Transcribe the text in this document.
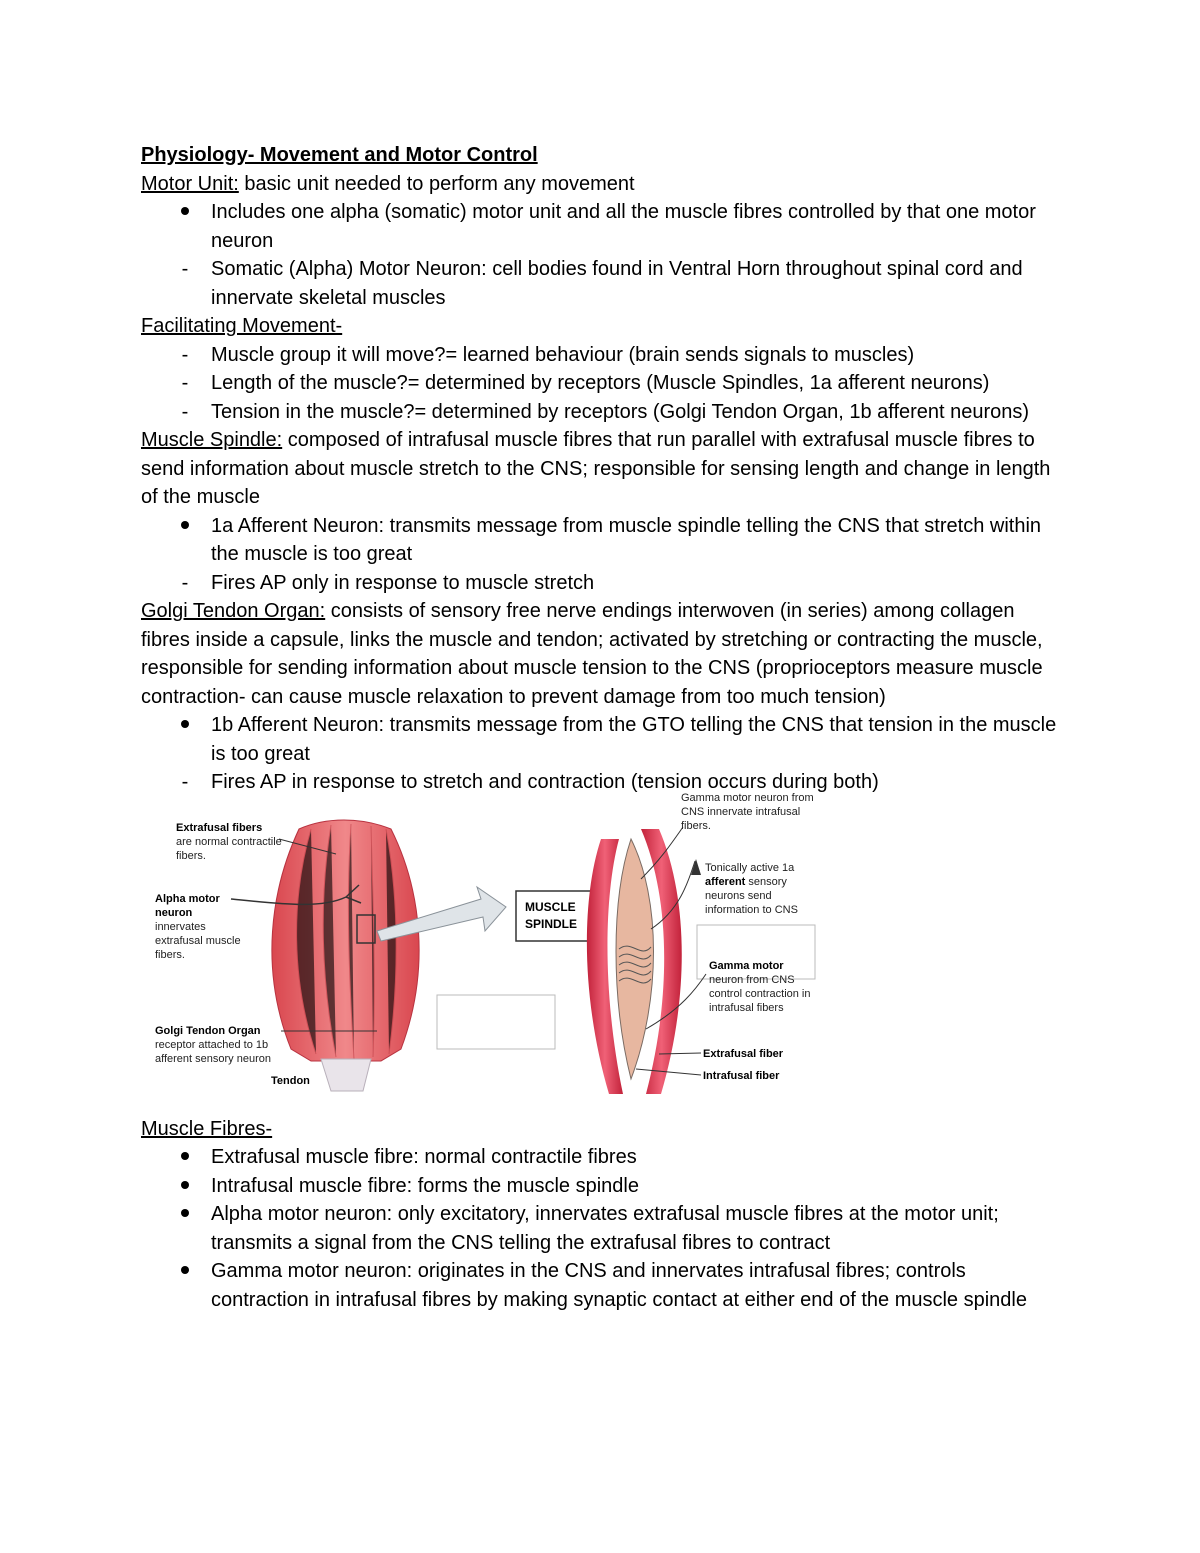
Physiology- Movement and Motor Control

Motor Unit: basic unit needed to perform any movement

Includes one alpha (somatic) motor unit and all the muscle fibres controlled by that one motor neuron
-	Somatic (Alpha) Motor Neuron: cell bodies found in Ventral Horn throughout spinal cord and innervate skeletal muscles

Facilitating Movement-

-	Muscle group it will move?= learned behaviour (brain sends signals to muscles)
-	Length of the muscle?= determined by receptors (Muscle Spindles, 1a afferent neurons)
-	Tension in the muscle?= determined by receptors (Golgi Tendon Organ, 1b afferent neurons)

Muscle Spindle: composed of intrafusal muscle fibres that run parallel with extrafusal muscle fibres to send information about muscle stretch to the CNS; responsible for sensing length and change in length of the muscle

1a Afferent Neuron: transmits message from muscle spindle telling the CNS that stretch within the muscle is too great
-	Fires AP only in response to muscle stretch

Golgi Tendon Organ: consists of sensory free nerve endings interwoven (in series) among collagen fibres inside a capsule, links the muscle and tendon; activated by stretching or contracting the muscle, responsible for sending information about muscle tension to the CNS (proprioceptors measure muscle contraction- can cause muscle relaxation to prevent damage from too much tension)

1b Afferent Neuron: transmits message from the GTO telling the CNS that tension in the muscle is too great
-	Fires AP in response to stretch and contraction (tension occurs during both)
Extrafusal fibers
are normal contractile fibers.
Alpha motor neuron
innervates extrafusal muscle fibers.
Golgi Tendon Organ
receptor attached to 1b afferent sensory neuron
Tendon
MUSCLE SPINDLE
Gamma motor neuron from CNS innervate intrafusal fibers.
Tonically active 1a afferent sensory neurons send information to CNS
Gamma motor
neuron from CNS control contraction in intrafusal fibers
Extrafusal fiber
Intrafusal fiber

Muscle Fibres-

Extrafusal muscle fibre: normal contractile fibres
Intrafusal muscle fibre: forms the muscle spindle
Alpha motor neuron: only excitatory, innervates extrafusal muscle fibres at the motor unit; transmits a signal from the CNS telling the extrafusal fibres to contract
Gamma motor neuron: originates in the CNS and innervates intrafusal fibres; controls contraction in intrafusal fibres by making synaptic contact at either end of the muscle spindle
